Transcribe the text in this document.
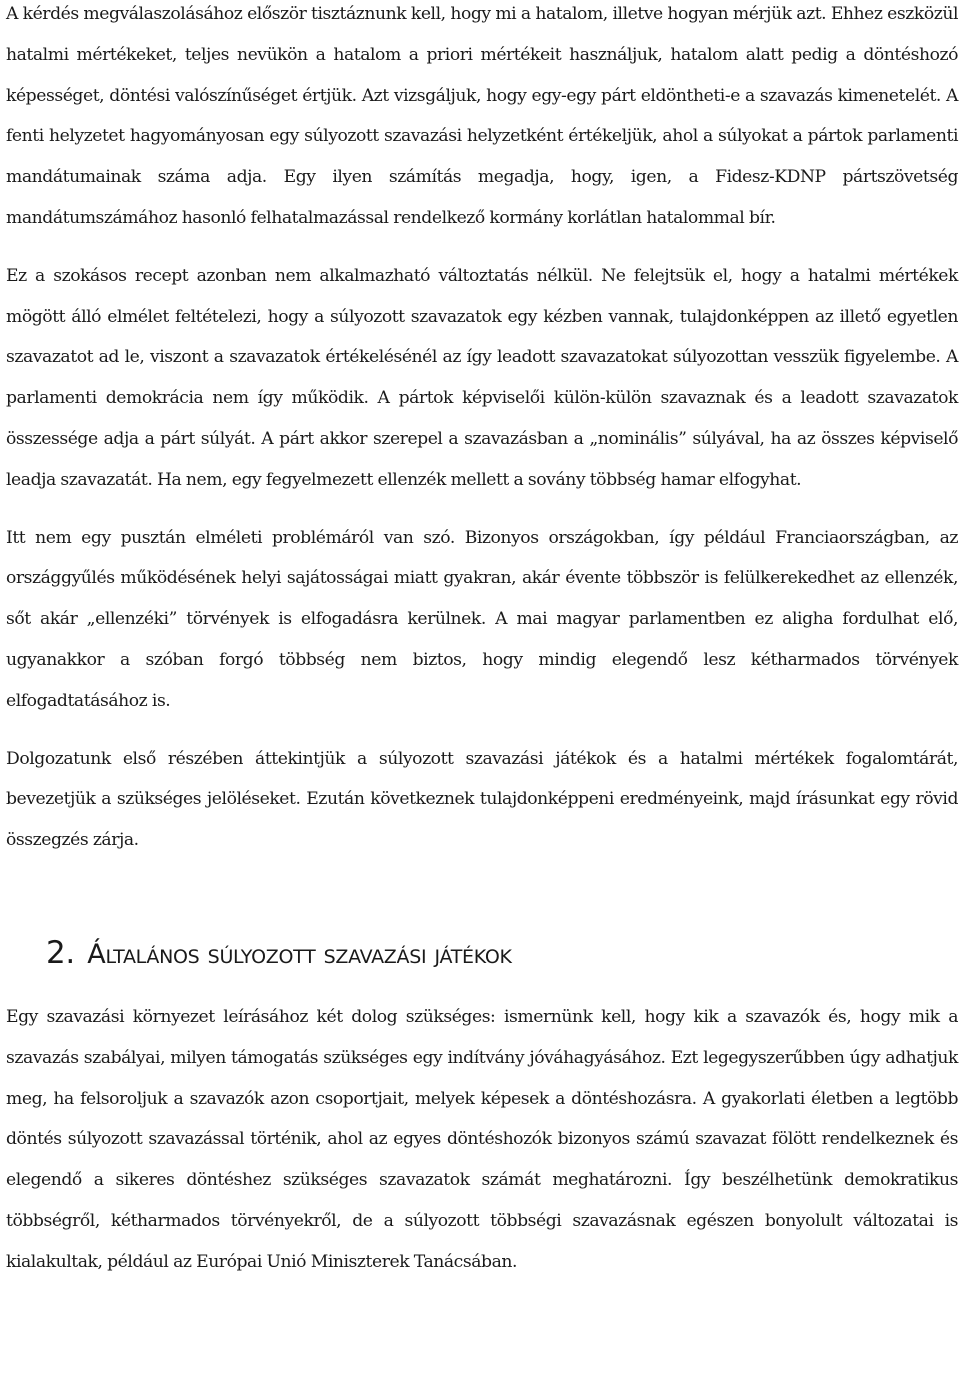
A kérdés megválaszolásához először tisztáznunk kell, hogy mi a hatalom, illetve hogyan mérjük azt. Ehhez eszközül hatalmi mértékeket, teljes nevükön a hatalom a priori mértékeit használjuk, hatalom alatt pedig a döntéshozó képességet, döntési valószínűséget értjük. Azt vizsgáljuk, hogy egy-egy párt eldöntheti-e a szavazás kimenetelét. A fenti helyzetet hagyományosan egy súlyozott szavazási helyzetként értékeljük, ahol a súlyokat a pártok parlamenti mandátumainak száma adja. Egy ilyen számítás megadja, hogy, igen, a Fidesz-KDNP pártszövetség mandátumszámához hasonló felhatalmazással rendelkező kormány korlátlan hatalommal bír.

Ez a szokásos recept azonban nem alkalmazható változtatás nélkül. Ne felejtsük el, hogy a hatalmi mértékek mögött álló elmélet feltételezi, hogy a súlyozott szavazatok egy kézben vannak, tulajdonképpen az illető egyetlen szavazatot ad le, viszont a szavazatok értékelésénél az így leadott szavazatokat súlyozottan vesszük figyelembe. A parlamenti demokrácia nem így működik. A pártok képviselői külön-külön szavaznak és a leadott szavazatok összessége adja a párt súlyát. A párt akkor szerepel a szavazásban a „nominális” súlyával, ha az összes képviselő leadja szavazatát. Ha nem, egy fegyelmezett ellenzék mellett a sovány többség hamar elfogyhat.

Itt nem egy pusztán elméleti problémáról van szó. Bizonyos országokban, így például Franciaországban, az országgyűlés működésének helyi sajátosságai miatt gyakran, akár évente többször is felülkerekedhet az ellenzék, sőt akár „ellenzéki” törvények is elfogadásra kerülnek. A mai magyar parlamentben ez aligha fordulhat elő, ugyanakkor a szóban forgó többség nem biztos, hogy mindig elegendő lesz kétharmados törvények elfogadtatásához is.

Dolgozatunk első részében áttekintjük a súlyozott szavazási játékok és a hatalmi mértékek fogalomtárát, bevezetjük a szükséges jelöléseket. Ezután következnek tulajdonképpeni eredményeink, majd írásunkat egy rövid összegzés zárja.

2. Általános súlyozott szavazási játékok

Egy szavazási környezet leírásához két dolog szükséges: ismernünk kell, hogy kik a szavazók és, hogy mik a szavazás szabályai, milyen támogatás szükséges egy indítvány jóváhagyásához. Ezt legegyszerűbben úgy adhatjuk meg, ha felsoroljuk a szavazók azon csoportjait, melyek képesek a döntéshozásra. A gyakorlati életben a legtöbb döntés súlyozott szavazással történik, ahol az egyes döntéshozók bizonyos számú szavazat fölött rendelkeznek és elegendő a sikeres döntéshez szükséges szavazatok számát meghatározni. Így beszélhetünk demokratikus többségről, kétharmados törvényekről, de a súlyozott többségi szavazásnak egészen bonyolult változatai is kialakultak, például az Európai Unió Miniszterek Tanácsában.
